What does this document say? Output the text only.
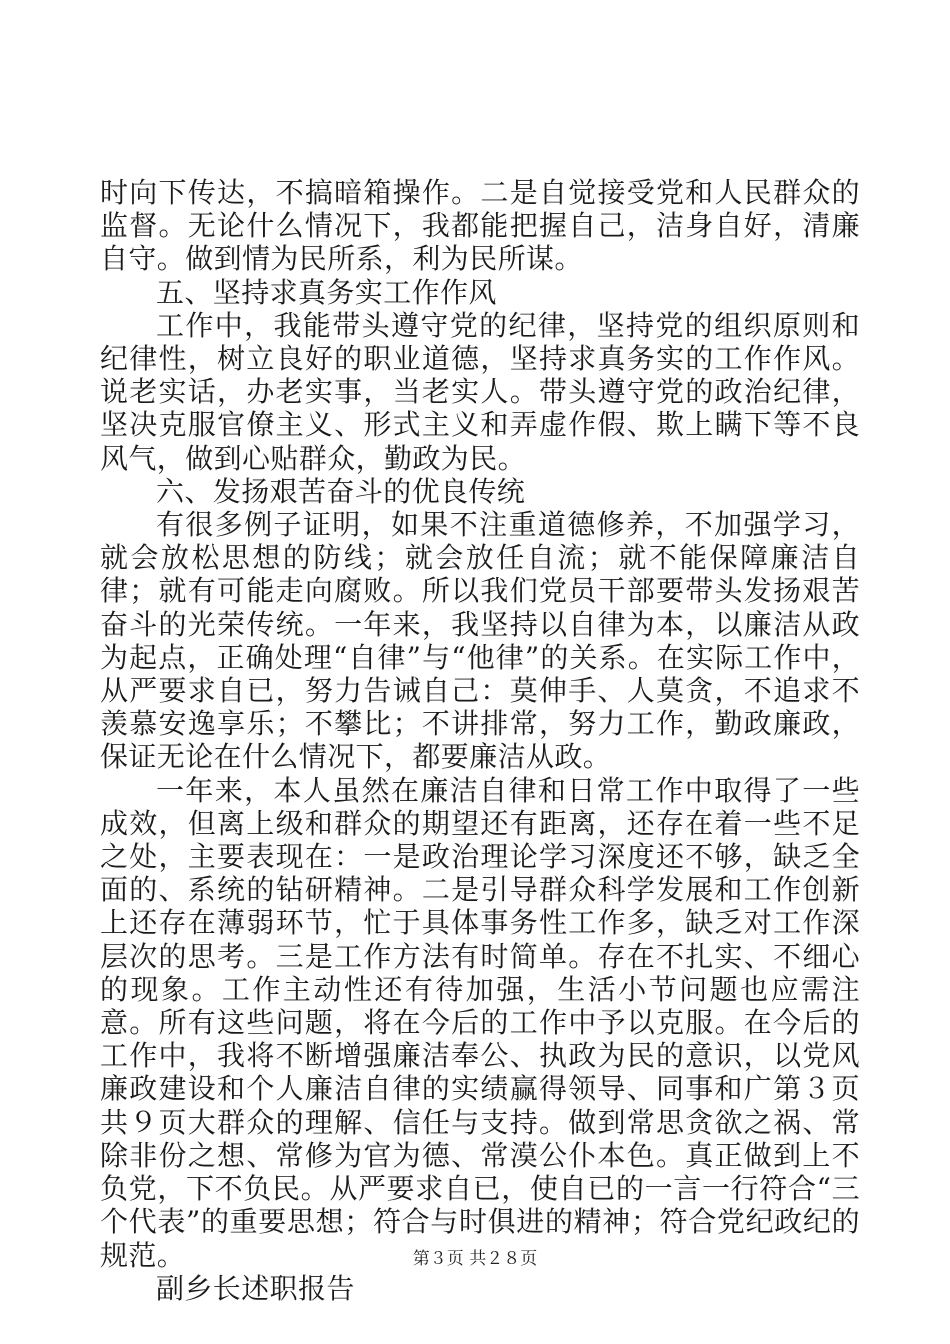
时向下传达，不搞暗箱操作。二是自觉接受党和人民群众的监督。无论什么情况下，我都能把握自己，洁身自好，清廉自守。做到情为民所系，利为民所谋。

五、坚持求真务实工作作风

工作中，我能带头遵守党的纪律，坚持党的组织原则和纪律性，树立良好的职业道德，坚持求真务实的工作作风。说老实话，办老实事，当老实人。带头遵守党的政治纪律，坚决克服官僚主义、形式主义和弄虚作假、欺上瞒下等不良风气，做到心贴群众，勤政为民。

六、发扬艰苦奋斗的优良传统

有很多例子证明，如果不注重道德修养，不加强学习，就会放松思想的防线；就会放任自流；就不能保障廉洁自律；就有可能走向腐败。所以我们党员干部要带头发扬艰苦奋斗的光荣传统。一年来，我坚持以自律为本，以廉洁从政为起点，正确处理“自律”与“他律”的关系。在实际工作中，从严要求自已，努力告诫自己：莫伸手、人莫贪，不追求不羡慕安逸享乐；不攀比；不讲排常，努力工作，勤政廉政，保证无论在什么情况下，都要廉洁从政。

一年来，本人虽然在廉洁自律和日常工作中取得了一些成效，但离上级和群众的期望还有距离，还存在着一些不足之处，主要表现在：一是政治理论学习深度还不够，缺乏全面的、系统的钻研精神。二是引导群众科学发展和工作创新上还存在薄弱环节，忙于具体事务性工作多，缺乏对工作深层次的思考。三是工作方法有时简单。存在不扎实、不细心的现象。工作主动性还有待加强，生活小节问题也应需注意。所有这些问题，将在今后的工作中予以克服。在今后的工作中，我将不断增强廉洁奉公、执政为民的意识，以党风廉政建设和个人廉洁自律的实绩赢得领导、同事和广第３页共９页大群众的理解、信任与支持。做到常思贪欲之祸、常除非份之想、常修为官为德、常漠公仆本色。真正做到上不负党，下不负民。从严要求自已，使自已的一言一行符合“三个代表”的重要思想；符合与时俱进的精神；符合党纪政纪的规范。

副乡长述职报告

第３页 共２８页
